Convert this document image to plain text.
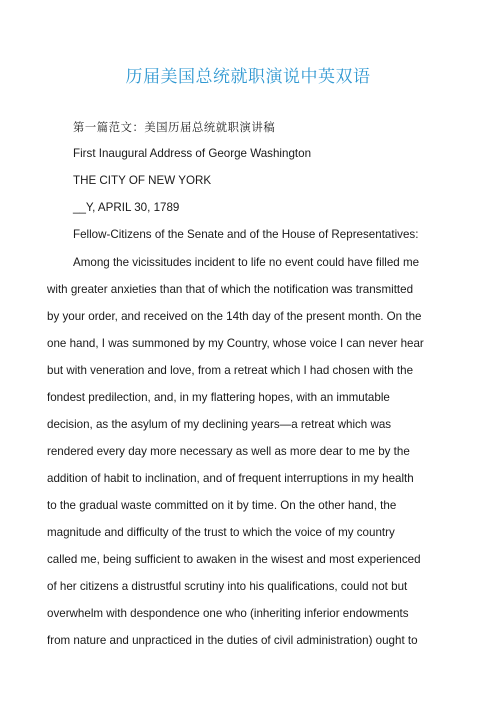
历届美国总统就职演说中英双语

第一篇范文：美国历届总统就职演讲稿

First Inaugural Address of George Washington

THE CITY OF NEW YORK

__Y, APRIL 30, 1789

Fellow-Citizens of the Senate and of the House of Representatives:

Among the vicissitudes incident to life no event could have filled me

with greater anxieties than that of which the notification was transmitted

by your order, and received on the 14th day of the present month. On the

one hand, I was summoned by my Country, whose voice I can never hear

but with veneration and love, from a retreat which I had chosen with the

fondest predilection, and, in my flattering hopes, with an immutable

decision, as the asylum of my declining years—a retreat which was

rendered every day more necessary as well as more dear to me by the

addition of habit to inclination, and of frequent interruptions in my health

to the gradual waste committed on it by time. On the other hand, the

magnitude and difficulty of the trust to which the voice of my country

called me, being sufficient to awaken in the wisest and most experienced

of her citizens a distrustful scrutiny into his qualifications, could not but

overwhelm with despondence one who (inheriting inferior endowments

from nature and unpracticed in the duties of civil administration) ought to
